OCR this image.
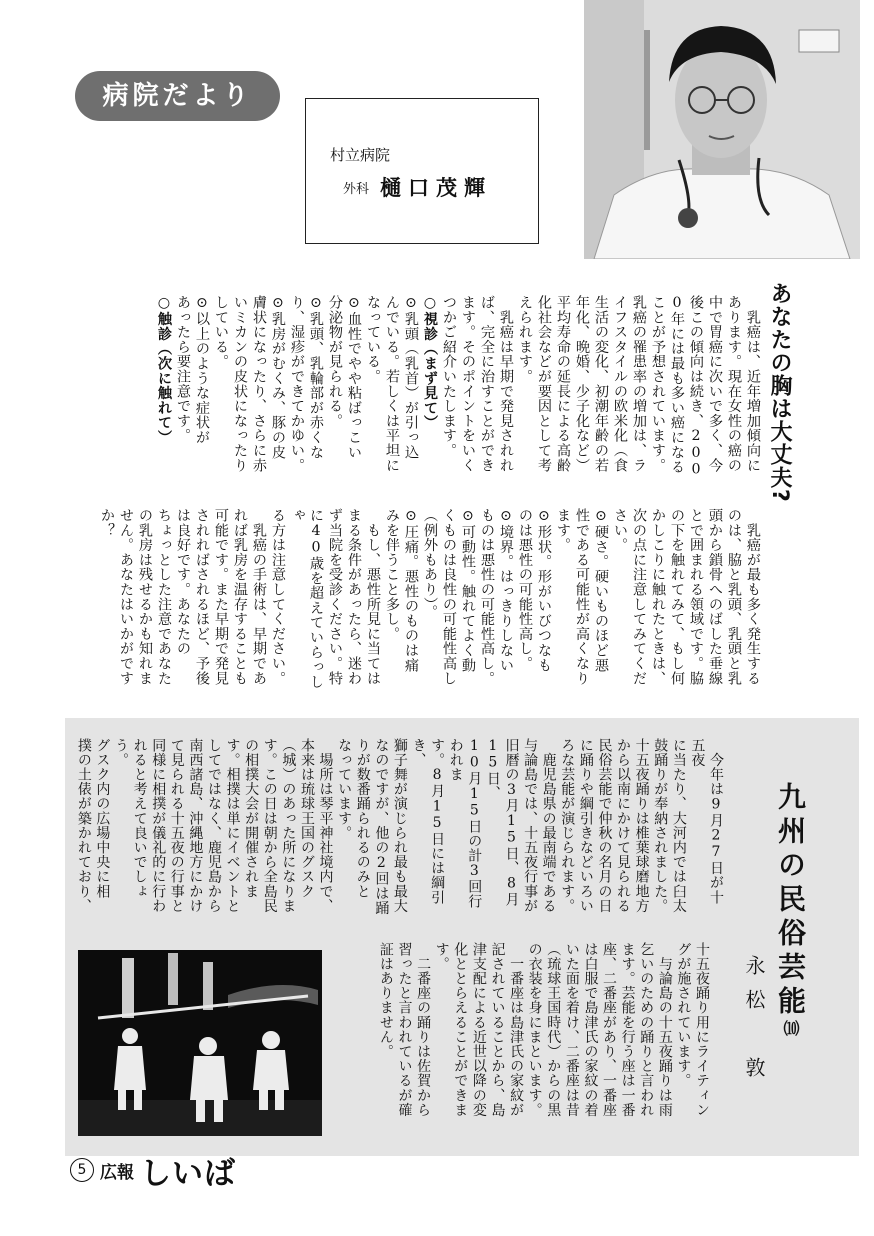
病院だより
村立病院
外科 樋口茂輝
あなたの胸は大丈夫?
　乳癌は、近年増加傾向に
あります。現在女性の癌の
中で胃癌に次いで多く、今
後この傾向は続き、200
0年には最も多い癌になる
ことが予想されています。
乳癌の罹患率の増加は、ラ
イフスタイルの欧米化（食
生活の変化、初潮年齢の若
年化、晩婚、少子化など）
平均寿命の延長による高齢
化社会などが要因として考
えられます。
　乳癌は早期で発見されれ
ば、完全に治すことができ
ます。そのポイントをいく
つかご紹介いたします。
○視診（まず見て）
⊙乳頭（乳首）が引っ込
んでいる。若しくは平坦に
なっている。
⊙血性でやや粘ばっこい
分泌物が見られる。
⊙乳頭、乳輪部が赤くな
り、湿疹ができてかゆい。
⊙乳房がむくみ、豚の皮
膚状になったり、さらに赤
いミカンの皮状になったり
している。
⊙以上のような症状が
あったら要注意です。
○触診（次に触れて）
　乳癌が最も多く発生する
のは、脇と乳頭、乳頭と乳
頭から鎖骨へのばした垂線
とで囲まれる領域です。脇
の下を触れてみて、もし何
かしこりに触れたときは、
次の点に注意してみてくだ
さい。
⊙硬さ。硬いものほど悪
性である可能性が高くなり
ます。
⊙形状。形がいびつなも
のは悪性の可能性高し。
⊙境界。はっきりしない
ものは悪性の可能性高し。
⊙可動性。触れてよく動
くものは良性の可能性高し
（例外もあり）。
⊙圧痛。悪性のものは痛
みを伴うこと多し。
　もし、悪性所見に当ては
まる条件があったら、迷わ
ず当院を受診ください。特
に40歳を超えていらっしゃ
る方は注意してください。
　乳癌の手術は、早期であ
れば乳房を温存することも
可能です。また早期で発見
されればされるほど、予後
は良好です。あなたの
ちょっとした注意であなた
の乳房は残せるかも知れま
せん。あなたはいかがです
か？
九州の民俗芸能⑽
永松　敦
　今年は9月27日が十五夜
に当たり、大河内では臼太
鼓踊りが奉納されました。
十五夜踊りは椎葉球磨地方
から以南にかけて見られる
民俗芸能で仲秋の名月の日
に踊りや綱引きなどいろい
ろな芸能が演じられます。
　鹿児島県の最南端である
与論島では、十五夜行事が
旧暦の3月15日、8月15日、
10月15日の計3回行われま
す。8月15日には綱引き、
獅子舞が演じられ最も最大
なのですが、他の2回は踊
りが数番踊られるのみと
なっています。
　場所は琴平神社境内で、
本来は琉球王国のグスク
（城）のあった所になりま
す。この日は朝から全島民
の相撲大会が開催されま
す。相撲は単にイベントと
してではなく、鹿児島から
南西諸島、沖縄地方にかけ
て見られる十五夜の行事と
同様に相撲が儀礼的に行わ
れると考えて良いでしょう。
グスク内の広場中央に相
撲の土俵が築かれており、
十五夜踊り用にライティン
グが施されています。
　与論島の十五夜踊りは雨
乞いのための踊りと言われ
ます。芸能を行う座は一番
座、二番座があり、一番座
は白服で島津氏の家紋の着
いた面を着け、二番座は昔
（琉球王国時代）からの黒
の衣装を身にまといます。
　一番座は島津氏の家紋が
記されていることから、島
津支配による近世以降の変
化ととらえることができます。
　二番座の踊りは佐賀から
習ったと言われているが確
証はありません。
5 広報 しいば
